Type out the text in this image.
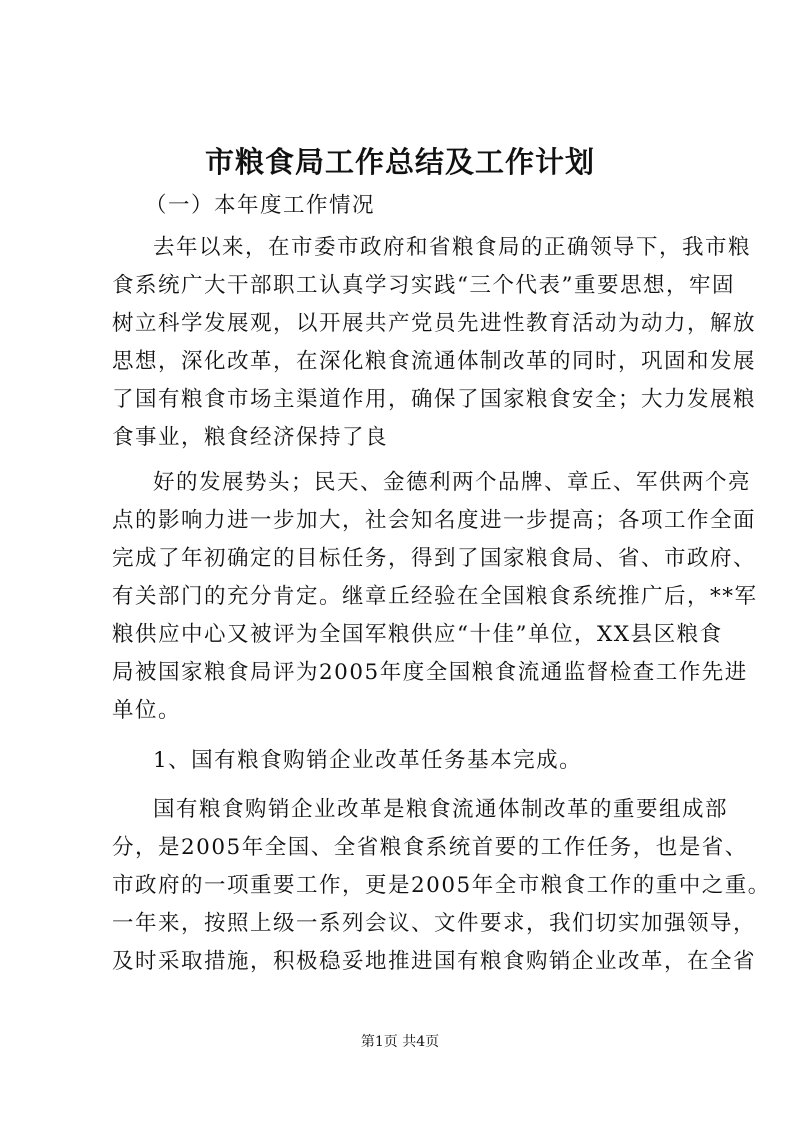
市粮食局工作总结及工作计划
（一）本年度工作情况
去年以来，在市委市政府和省粮食局的正确领导下，我市粮
食系统广大干部职工认真学习实践“三个代表”重要思想，牢固
树立科学发展观，以开展共产党员先进性教育活动为动力，解放
思想，深化改革，在深化粮食流通体制改革的同时，巩固和发展
了国有粮食市场主渠道作用，确保了国家粮食安全；大力发展粮
食事业，粮食经济保持了良
好的发展势头；民天、金德利两个品牌、章丘、军供两个亮
点的影响力进一步加大，社会知名度进一步提高；各项工作全面
完成了年初确定的目标任务，得到了国家粮食局、省、市政府、
有关部门的充分肯定。继章丘经验在全国粮食系统推广后，**军
粮供应中心又被评为全国军粮供应“十佳”单位，XX县区粮食
局被国家粮食局评为2005年度全国粮食流通监督检查工作先进
单位。
1、国有粮食购销企业改革任务基本完成。
国有粮食购销企业改革是粮食流通体制改革的重要组成部
分，是2005年全国、全省粮食系统首要的工作任务，也是省、
市政府的一项重要工作，更是2005年全市粮食工作的重中之重。
一年来，按照上级一系列会议、文件要求，我们切实加强领导，
及时采取措施，积极稳妥地推进国有粮食购销企业改革，在全省
第1页 共4页
